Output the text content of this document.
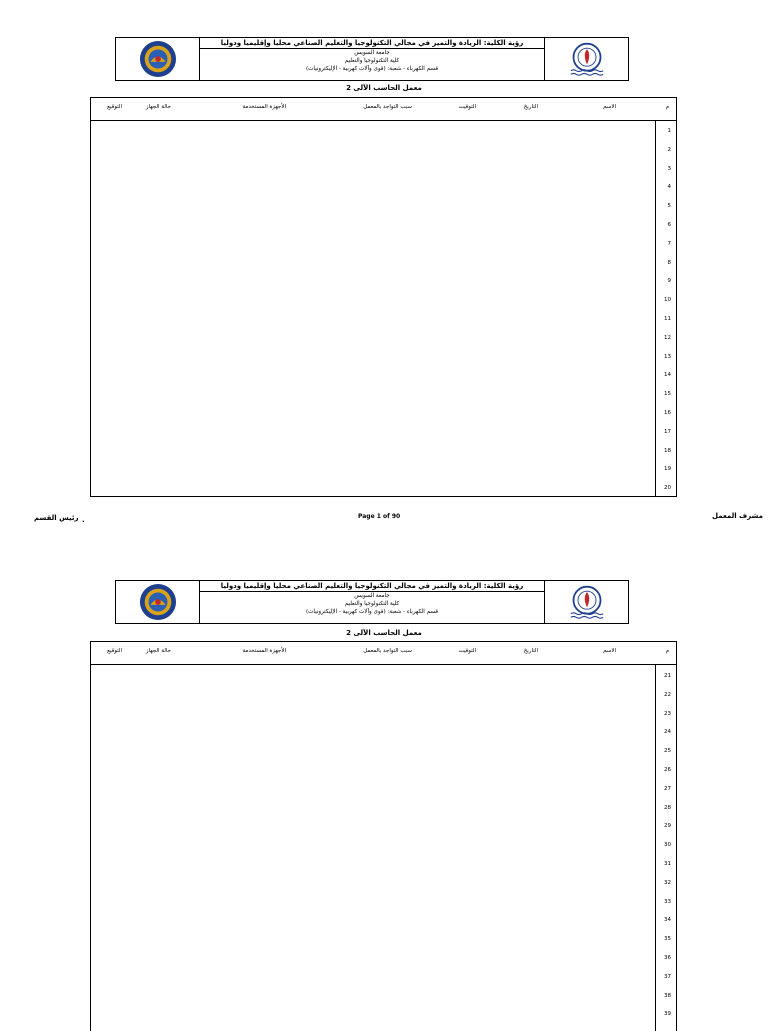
رؤية الكلية: الريادة والتميز في مجالي التكنولوجيا والتعليم الصناعي محليا وإقليميا ودوليا
جامعة السويس
كلية التكنولوجيا والتعليم
قسم الكهرباء - شعبة: (قوى وآلات كهربية - الإليكترونيات)
معمل الحاسب الآلى 2
م
الاسم
التاريخ
التوقيت
سبب التواجد بالمعمل
الأجهزة المستخدمة
حالة الجهاز
التوقيع
1
2
3
4
5
6
7
8
9
10
11
12
13
14
15
16
17
18
19
20
مشرف المعمل
Page 1 of 90
رئيس القسم .
رؤية الكلية: الريادة والتميز في مجالي التكنولوجيا والتعليم الصناعي محليا وإقليميا ودوليا
جامعة السويس
كلية التكنولوجيا والتعليم
قسم الكهرباء - شعبة: (قوى وآلات كهربية - الإليكترونيات)
معمل الحاسب الآلى 2
م
الاسم
التاريخ
التوقيت
سبب التواجد بالمعمل
الأجهزة المستخدمة
حالة الجهاز
التوقيع
21
22
23
24
25
26
27
28
29
30
31
32
33
34
35
36
37
38
39
